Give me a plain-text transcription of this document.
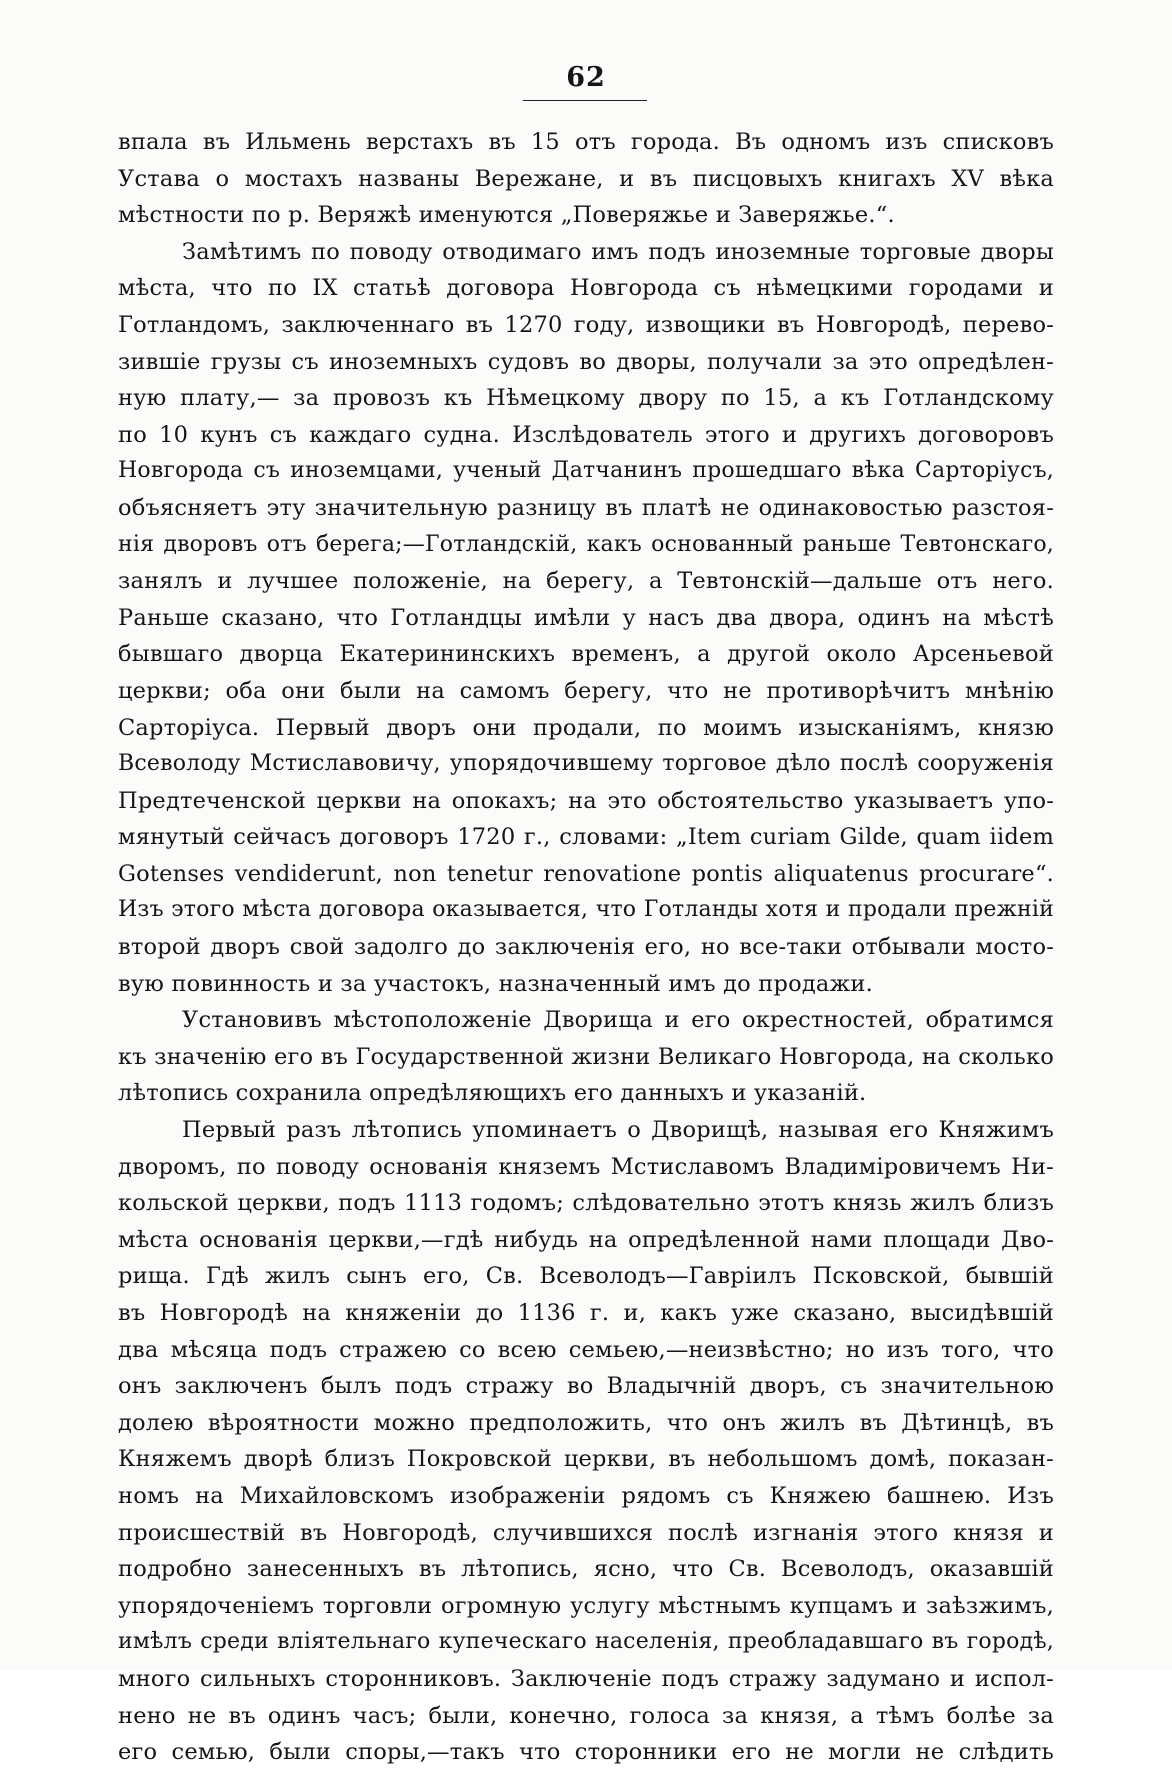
62
впала въ Ильмень верстахъ въ 15 отъ города. Въ одномъ изъ списковъ
Устава о мостахъ названы Вережане, и въ писцовыхъ книгахъ XV вѣка
мѣстности по р. Веряжѣ именуются „Поверяжье и Заверяжье.“.
Замѣтимъ по поводу отводимаго имъ подъ иноземные торговые дворы
мѣста, что по IX статьѣ договора Новгорода съ нѣмецкими городами и
Готландомъ, заключеннаго въ 1270 году, извощики въ Новгородѣ, перево-
зившіе грузы съ иноземныхъ судовъ во дворы, получали за это опредѣлен-
ную плату,— за провозъ къ Нѣмецкому двору по 15, а къ Готландскому
по 10 кунъ съ каждаго судна. Изслѣдователь этого и другихъ договоровъ
Новгорода съ иноземцами, ученый Датчанинъ прошедшаго вѣка Сарторіусъ,
объясняетъ эту значительную разницу въ платѣ не одинаковостью разстоя-
нія дворовъ отъ берега;—Готландскій, какъ основанный раньше Тевтонскаго,
занялъ и лучшее положеніе, на берегу, а Тевтонскій—дальше отъ него.
Раньше сказано, что Готландцы имѣли у насъ два двора, одинъ на мѣстѣ
бывшаго дворца Екатерининскихъ временъ, а другой около Арсеньевой
церкви; оба они были на самомъ берегу, что не противорѣчитъ мнѣнію
Сарторіуса. Первый дворъ они продали, по моимъ изысканіямъ, князю
Всеволоду Мстиславовичу, упорядочившему торговое дѣло послѣ сооруженія
Предтеченской церкви на опокахъ; на это обстоятельство указываетъ упо-
мянутый сейчасъ договоръ 1720 г., словами: „Item curiam Gilde, quam iidem
Gotenses vendiderunt, non tenetur renovatione pontis aliquatenus procurare“.
Изъ этого мѣста договора оказывается, что Готланды хотя и продали прежній
второй дворъ свой задолго до заключенія его, но все-таки отбывали мосто-
вую повинность и за участокъ, назначенный имъ до продажи.
Установивъ мѣстоположеніе Дворища и его окрестностей, обратимся
къ значенію его въ Государственной жизни Великаго Новгорода, на сколько
лѣтопись сохранила опредѣляющихъ его данныхъ и указаній.
Первый разъ лѣтопись упоминаетъ о Дворищѣ, называя его Княжимъ
дворомъ, по поводу основанія княземъ Мстиславомъ Владиміровичемъ Ни-
кольской церкви, подъ 1113 годомъ; слѣдовательно этотъ князь жилъ близъ
мѣста основанія церкви,—гдѣ нибудь на опредѣленной нами площади Дво-
рища. Гдѣ жилъ сынъ его, Св. Всеволодъ—Гавріилъ Псковской, бывшій
въ Новгородѣ на княженіи до 1136 г. и, какъ уже сказано, высидѣвшій
два мѣсяца подъ стражею со всею семьею,—неизвѣстно; но изъ того, что
онъ заключенъ былъ подъ стражу во Владычній дворъ, съ значительною
долею вѣроятности можно предположить, что онъ жилъ въ Дѣтинцѣ, въ
Княжемъ дворѣ близъ Покровской церкви, въ небольшомъ домѣ, показан-
номъ на Михайловскомъ изображеніи рядомъ съ Княжею башнею. Изъ
происшествій въ Новгородѣ, случившихся послѣ изгнанія этого князя и
подробно занесенныхъ въ лѣтопись, ясно, что Св. Всеволодъ, оказавшій
упорядоченіемъ торговли огромную услугу мѣстнымъ купцамъ и заѣзжимъ,
имѣлъ среди вліятельнаго купеческаго населенія, преобладавшаго въ городѣ,
много сильныхъ сторонниковъ. Заключеніе подъ стражу задумано и испол-
нено не въ одинъ часъ; были, конечно, голоса за князя, а тѣмъ болѣе за
его семью, были споры,—такъ что сторонники его не могли не слѣдить
